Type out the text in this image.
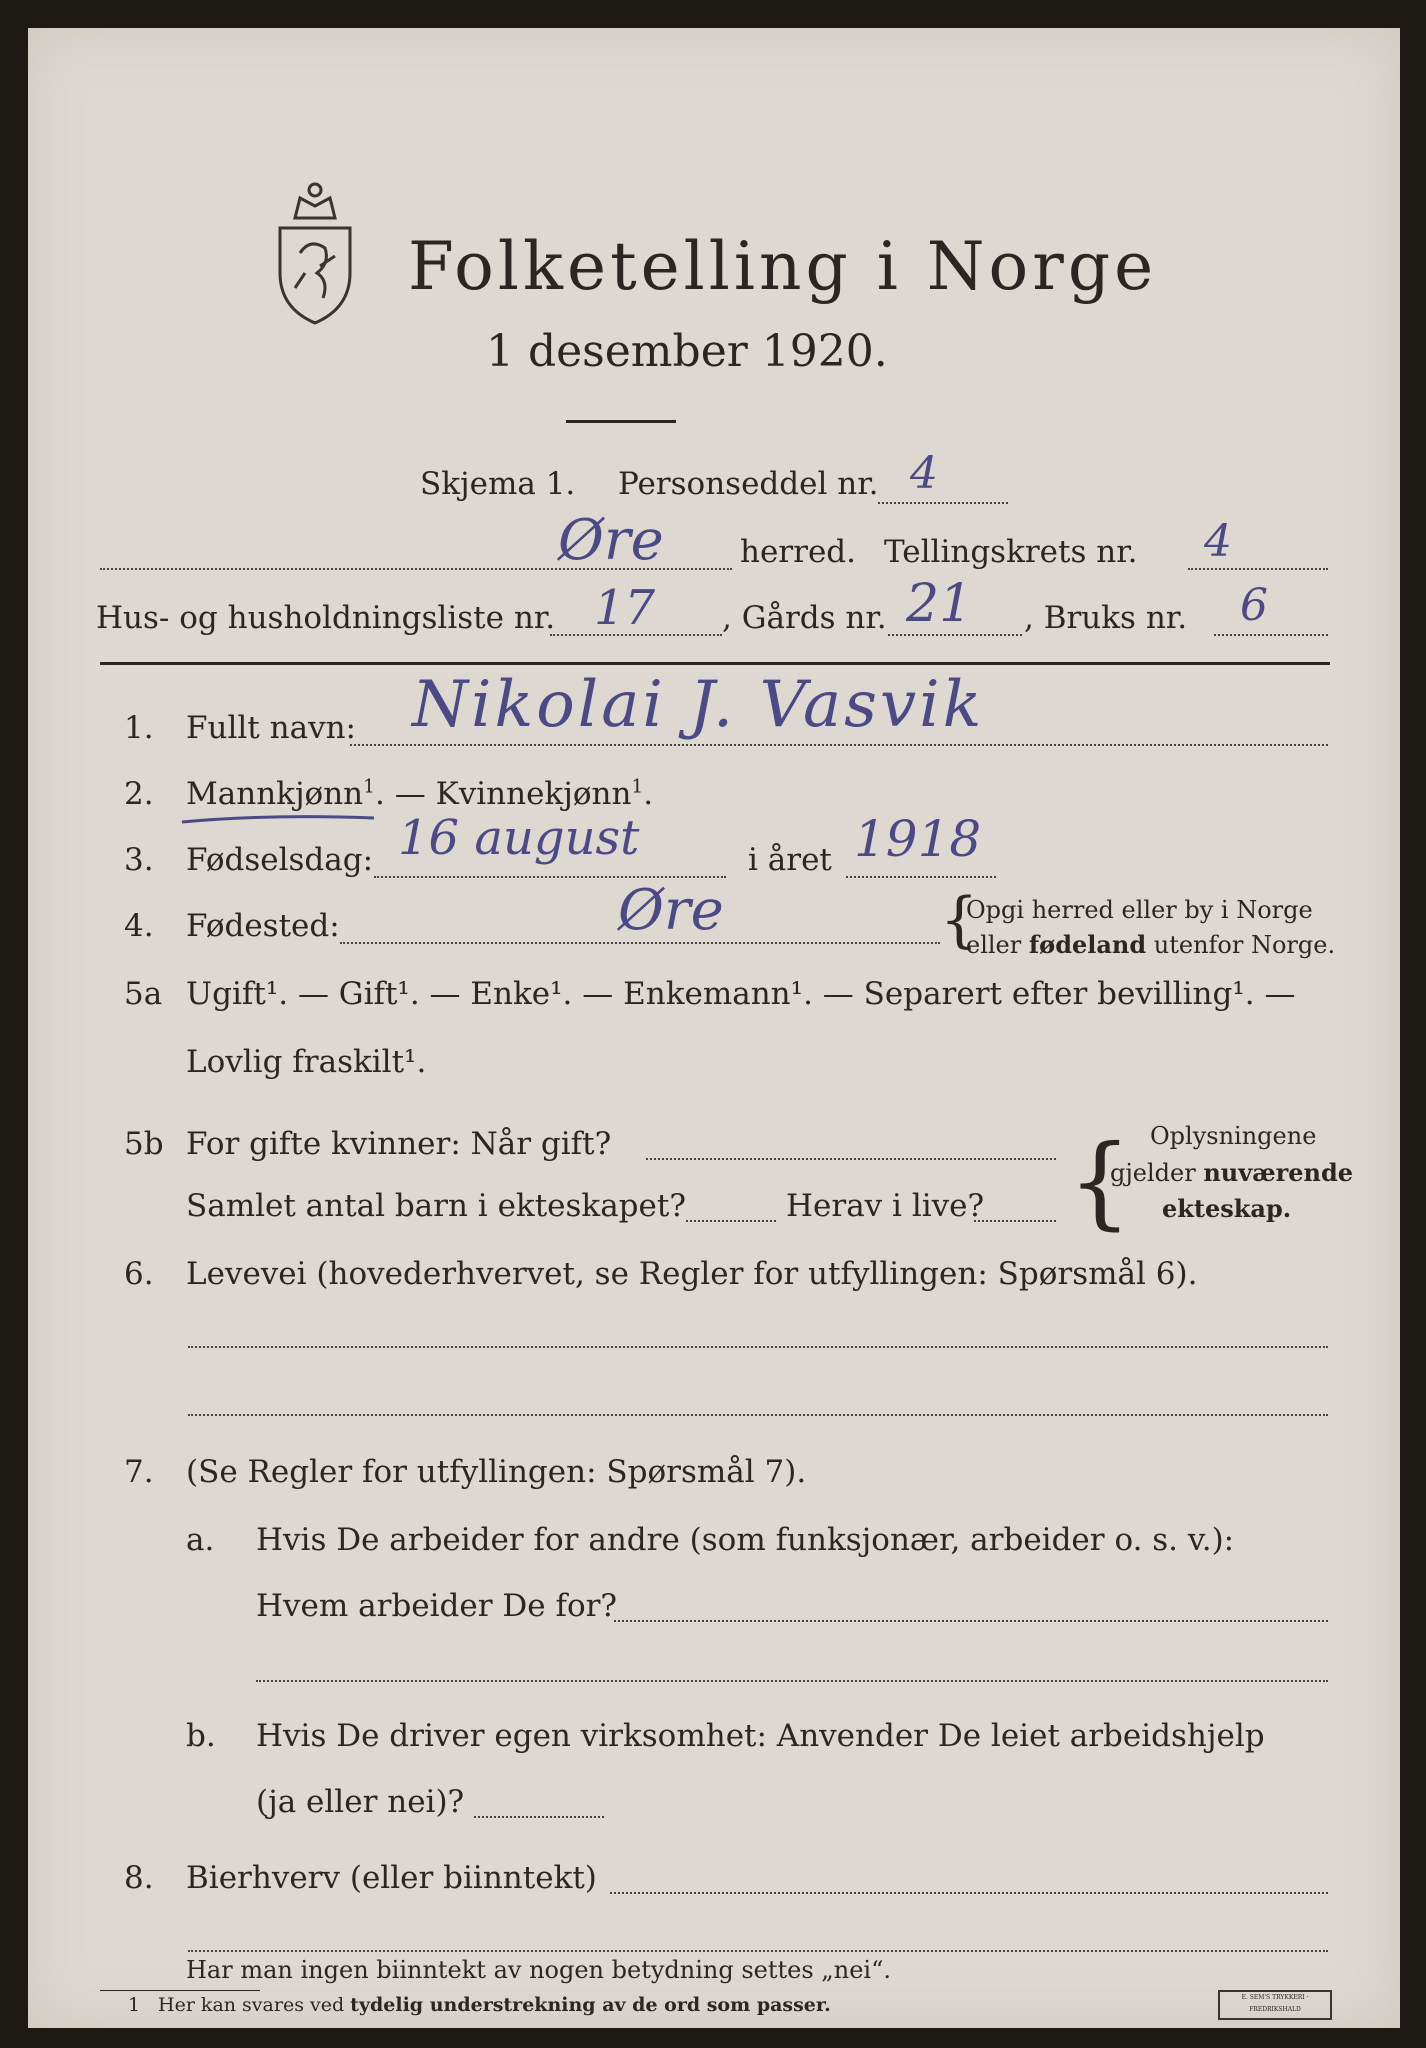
Folketelling i Norge
1 desember 1920.
Skjema 1. Personseddel nr. 4
Øre herred. Tellingskrets nr. 4
Hus- og husholdningsliste nr. 17 , Gårds nr. 21 , Bruks nr. 6
1. Fullt navn: Nikolai J. Vasvik
2. Mannkjønn$^1$. — Kvinnekjønn$^1$.
3. Fødselsdag: 16 august	i året 1918
4. Fødested:	Øre	{
Opgi herred eller by i Norge
eller fødeland utenfor Norge.
5a Ugift¹. — Gift¹. — Enke¹. — Enkemann¹. — Separert efter bevilling¹. —
Lovlig fraskilt¹.
5b For gifte kvinner: Når gift?
Samlet antal barn i ekteskapet?	Herav i live? { Oplysningene
gjelder nuværende
ekteskap.
6. Levevei (hovederhvervet, se Regler for utfyllingen: Spørsmål 6).
7. (Se Regler for utfyllingen: Spørsmål 7).
a. Hvis De arbeider for andre (som funksjonær, arbeider o. s. v.):
Hvem arbeider De for?
b. Hvis De driver egen virksomhet: Anvender De leiet arbeidshjelp
(ja eller nei)?
8. Bierhverv (eller biinntekt)
Har man ingen biinntekt av nogen betydning settes „nei“.
1 Her kan svares ved tydelig understrekning av de ord som passer.	E. SEM'S TRYKKERI · FREDRIKSHALD
